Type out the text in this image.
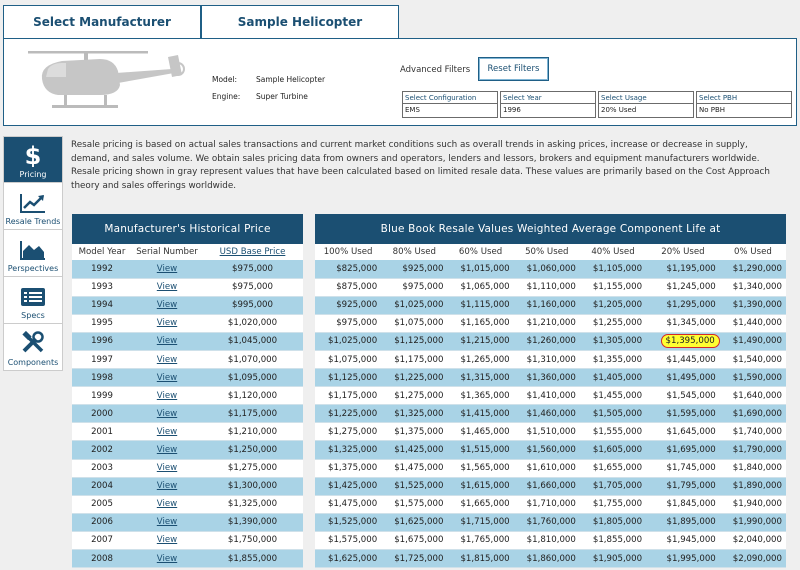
Select Manufacturer	Sample Helicopter
Model:	Sample Helicopter
Engine:	Super Turbine
Advanced Filters	Reset Filters
Select Configuration
EMS
Select Year
1996
Select Usage
20% Used
Select PBH
No PBH
$
Pricing
Resale Trends
Perspectives
Specs
Components

Resale pricing is based on actual sales transactions and current market conditions such as overall trends in asking prices, increase or decrease in supply, demand, and sales volume. We obtain sales pricing data from owners and operators, lenders and lessors, brokers and equipment manufacturers worldwide.

Resale pricing shown in gray represent values that have been calculated based on limited resale data. These values are primarily based on the Cost Approach theory and sales offerings worldwide.

Manufacturer's Historical Price
Model Year	Serial Number	USD Base Price
1992	View	$975,000
1993	View	$975,000
1994	View	$995,000
1995	View	$1,020,000
1996	View	$1,045,000
1997	View	$1,070,000
1998	View	$1,095,000
1999	View	$1,120,000
2000	View	$1,175,000
2001	View	$1,210,000
2002	View	$1,250,000
2003	View	$1,275,000
2004	View	$1,300,000
2005	View	$1,325,000
2006	View	$1,390,000
2007	View	$1,750,000
2008	View	$1,855,000
Blue Book Resale Values Weighted Average Component Life at
100% Used	80% Used	60% Used	50% Used	40% Used	20% Used	0% Used
$825,000	$925,000	$1,015,000	$1,060,000	$1,105,000	$1,195,000	$1,290,000
$875,000	$975,000	$1,065,000	$1,110,000	$1,155,000	$1,245,000	$1,340,000
$925,000	$1,025,000	$1,115,000	$1,160,000	$1,205,000	$1,295,000	$1,390,000
$975,000	$1,075,000	$1,165,000	$1,210,000	$1,255,000	$1,345,000	$1,440,000
$1,025,000	$1,125,000	$1,215,000	$1,260,000	$1,305,000	$1,395,000	$1,490,000
$1,075,000	$1,175,000	$1,265,000	$1,310,000	$1,355,000	$1,445,000	$1,540,000
$1,125,000	$1,225,000	$1,315,000	$1,360,000	$1,405,000	$1,495,000	$1,590,000
$1,175,000	$1,275,000	$1,365,000	$1,410,000	$1,455,000	$1,545,000	$1,640,000
$1,225,000	$1,325,000	$1,415,000	$1,460,000	$1,505,000	$1,595,000	$1,690,000
$1,275,000	$1,375,000	$1,465,000	$1,510,000	$1,555,000	$1,645,000	$1,740,000
$1,325,000	$1,425,000	$1,515,000	$1,560,000	$1,605,000	$1,695,000	$1,790,000
$1,375,000	$1,475,000	$1,565,000	$1,610,000	$1,655,000	$1,745,000	$1,840,000
$1,425,000	$1,525,000	$1,615,000	$1,660,000	$1,705,000	$1,795,000	$1,890,000
$1,475,000	$1,575,000	$1,665,000	$1,710,000	$1,755,000	$1,845,000	$1,940,000
$1,525,000	$1,625,000	$1,715,000	$1,760,000	$1,805,000	$1,895,000	$1,990,000
$1,575,000	$1,675,000	$1,765,000	$1,810,000	$1,855,000	$1,945,000	$2,040,000
$1,625,000	$1,725,000	$1,815,000	$1,860,000	$1,905,000	$1,995,000	$2,090,000
